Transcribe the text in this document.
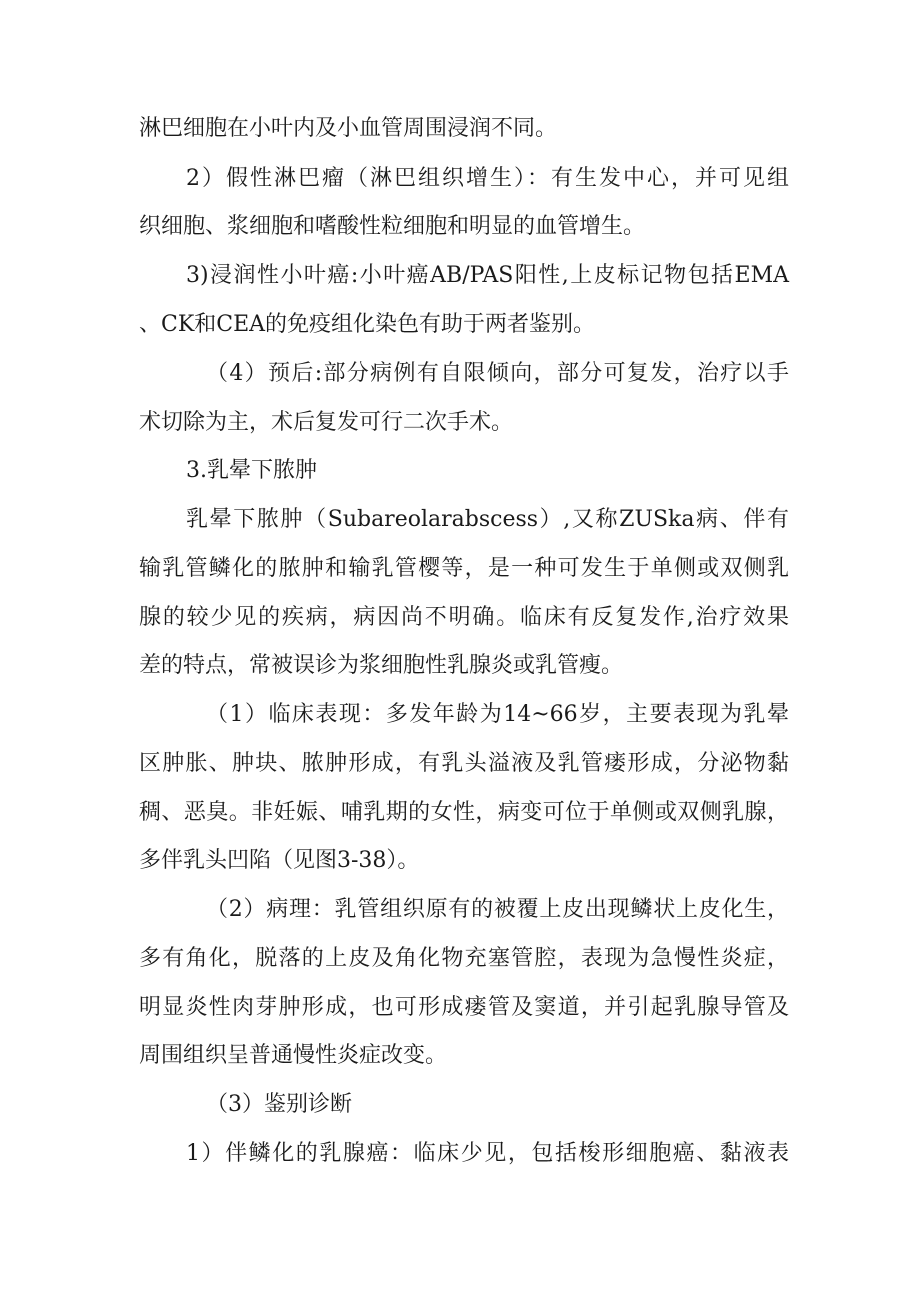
淋巴细胞在小叶内及小血管周围浸润不同。
2）假性淋巴瘤（淋巴组织增生）：有生发中心，并可见组
织细胞、浆细胞和嗜酸性粒细胞和明显的血管增生。
3)浸润性小叶癌:小叶癌AB/PAS阳性,上皮标记物包括EMA
、CK和CEA的免疫组化染色有助于两者鉴别。
（4）预后:部分病例有自限倾向，部分可复发，治疗以手
术切除为主，术后复发可行二次手术。
3.乳晕下脓肿
乳晕下脓肿（Subareolarabscess）,又称ZUSka病、伴有
输乳管鳞化的脓肿和输乳管樱等，是一种可发生于单侧或双侧乳
腺的较少见的疾病，病因尚不明确。临床有反复发作,治疗效果
差的特点，常被误诊为浆细胞性乳腺炎或乳管瘦。
（1）临床表现：多发年龄为14~66岁，主要表现为乳晕
区肿胀、肿块、脓肿形成，有乳头溢液及乳管瘘形成，分泌物黏
稠、恶臭。非妊娠、哺乳期的女性，病变可位于单侧或双侧乳腺，
多伴乳头凹陷（见图3-38）。
（2）病理：乳管组织原有的被覆上皮出现鳞状上皮化生，
多有角化，脱落的上皮及角化物充塞管腔，表现为急慢性炎症，
明显炎性肉芽肿形成，也可形成瘘管及窦道，并引起乳腺导管及
周围组织呈普通慢性炎症改变。
（3）鉴别诊断
1）伴鳞化的乳腺癌：临床少见，包括梭形细胞癌、黏液表
